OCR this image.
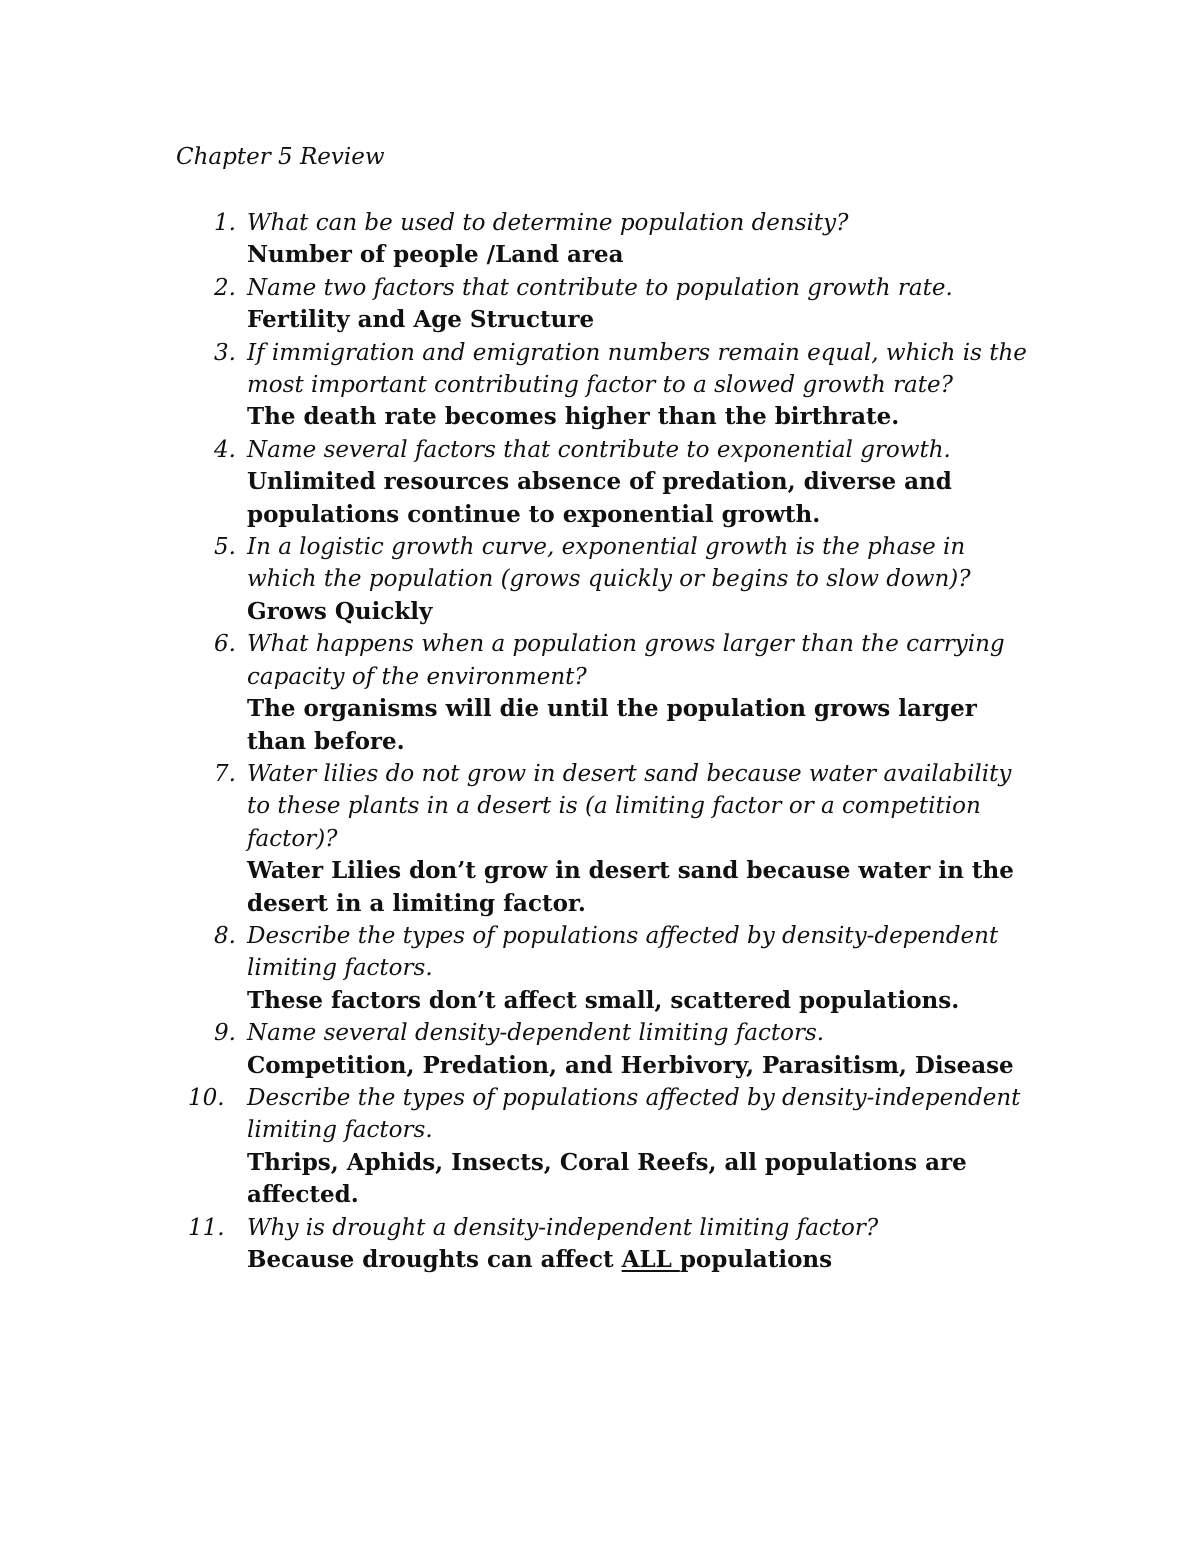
Chapter 5 Review
1. What can be used to determine population density?
Number of people /Land area
2. Name two factors that contribute to population growth rate.
Fertility and Age Structure
3. If immigration and emigration numbers remain equal, which is the most important contributing factor to a slowed growth rate?
The death rate becomes higher than the birthrate.
4. Name several factors that contribute to exponential growth.
Unlimited resources absence of predation, diverse and populations continue to exponential growth.
5. In a logistic growth curve, exponential growth is the phase in which the population (grows quickly or begins to slow down)?
Grows Quickly
6. What happens when a population grows larger than the carrying capacity of the environment?
The organisms will die until the population grows larger than before.
7. Water lilies do not grow in desert sand because water availability to these plants in a desert is (a limiting factor or a competition factor)?
Water Lilies don’t grow in desert sand because water in the desert in a limiting factor.
8. Describe the types of populations affected by density-dependent limiting factors.
These factors don’t affect small, scattered populations.
9. Name several density-dependent limiting factors.
Competition, Predation, and Herbivory, Parasitism, Disease
10. Describe the types of populations affected by density-independent limiting factors.
Thrips, Aphids, Insects, Coral Reefs, all populations are affected.
11. Why is drought a density-independent limiting factor?
Because droughts can affect ALL populations
